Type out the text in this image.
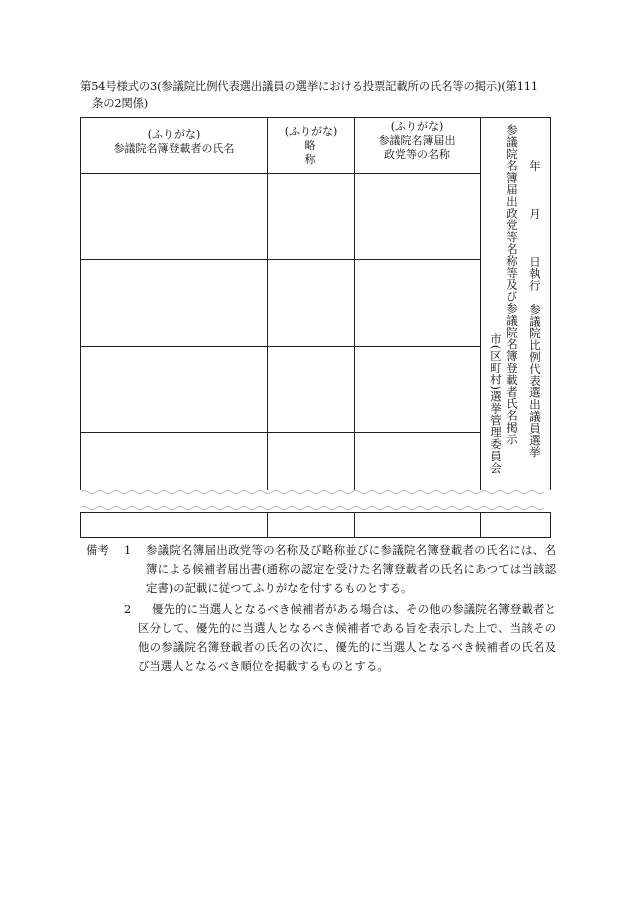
第54号様式の3(参議院比例代表選出議員の選挙における投票記載所の氏名等の掲示)(第111
条の2関係)
(ふりがな)
参議院名簿登載者の氏名
(ふりがな)
略称
(ふりがな)
参議院名簿届出
政党等の名称	参議院名簿届出政党等名称等及び参議院名簿登載者氏名掲示
市(区町村)選挙管理委員会
年月日執行　参議院比例代表選出議員選挙
備考 1 参議院名簿届出政党等の名称及び略称並びに参議院名簿登載者の氏名には、名簿による候補者届出書(通称の認定を受けた名簿登載者の氏名にあつては当該認定書)の記載に従つてふりがなを付するものとする。
2	優先的に当選人となるべき候補者がある場合は、その他の参議院名簿登載者と区分して、優先的に当選人となるべき候補者である旨を表示した上で、当該その他の参議院名簿登載者の氏名の次に、優先的に当選人となるべき候補者の氏名及び当選人となるべき順位を掲載するものとする。
